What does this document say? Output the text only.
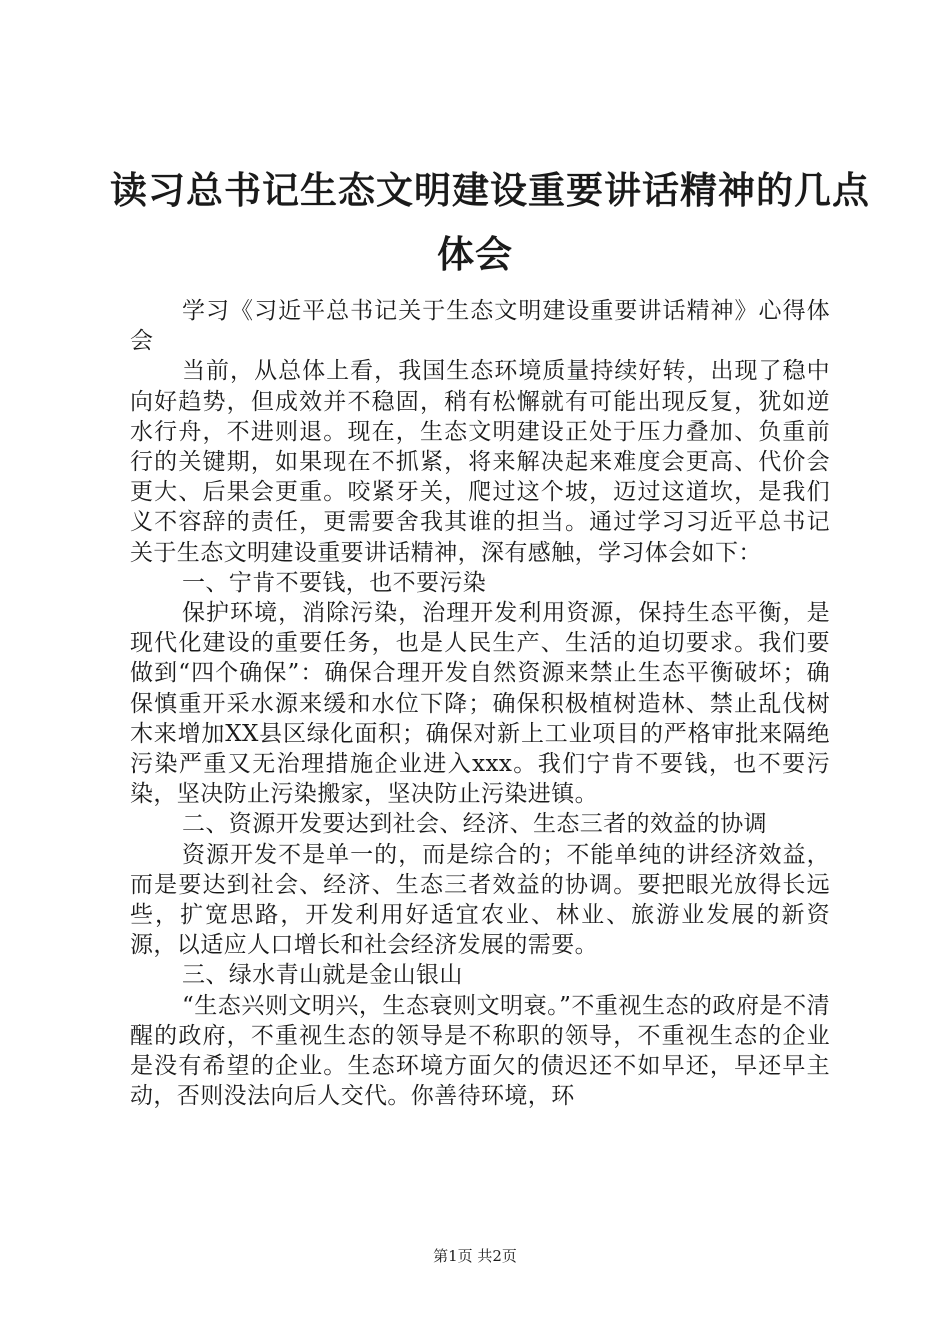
读习总书记生态文明建设重要讲话精神的几点
体会

学习《习近平总书记关于生态文明建设重要讲话精神》心得体会

当前，从总体上看，我国生态环境质量持续好转，出现了稳中向好趋势，但成效并不稳固，稍有松懈就有可能出现反复，犹如逆水行舟，不进则退。现在，生态文明建设正处于压力叠加、负重前行的关键期，如果现在不抓紧，将来解决起来难度会更高、代价会更大、后果会更重。咬紧牙关，爬过这个坡，迈过这道坎，是我们义不容辞的责任，更需要舍我其谁的担当。通过学习习近平总书记关于生态文明建设重要讲话精神，深有感触，学习体会如下：

一、宁肯不要钱，也不要污染

保护环境，消除污染，治理开发利用资源，保持生态平衡，是现代化建设的重要任务，也是人民生产、生活的迫切要求。我们要做到“四个确保”：确保合理开发自然资源来禁止生态平衡破坏；确保慎重开采水源来缓和水位下降；确保积极植树造林、禁止乱伐树木来增加XX县区绿化面积；确保对新上工业项目的严格审批来隔绝污染严重又无治理措施企业进入xxx。我们宁肯不要钱，也不要污染，坚决防止污染搬家，坚决防止污染进镇。

二、资源开发要达到社会、经济、生态三者的效益的协调

资源开发不是单一的，而是综合的；不能单纯的讲经济效益，而是要达到社会、经济、生态三者效益的协调。要把眼光放得长远些，扩宽思路，开发利用好适宜农业、林业、旅游业发展的新资源，以适应人口增长和社会经济发展的需要。

三、绿水青山就是金山银山

“生态兴则文明兴，生态衰则文明衰。”不重视生态的政府是不清醒的政府，不重视生态的领导是不称职的领导，不重视生态的企业是没有希望的企业。生态环境方面欠的债迟还不如早还，早还早主动，否则没法向后人交代。你善待环境，环

第1页 共2页
